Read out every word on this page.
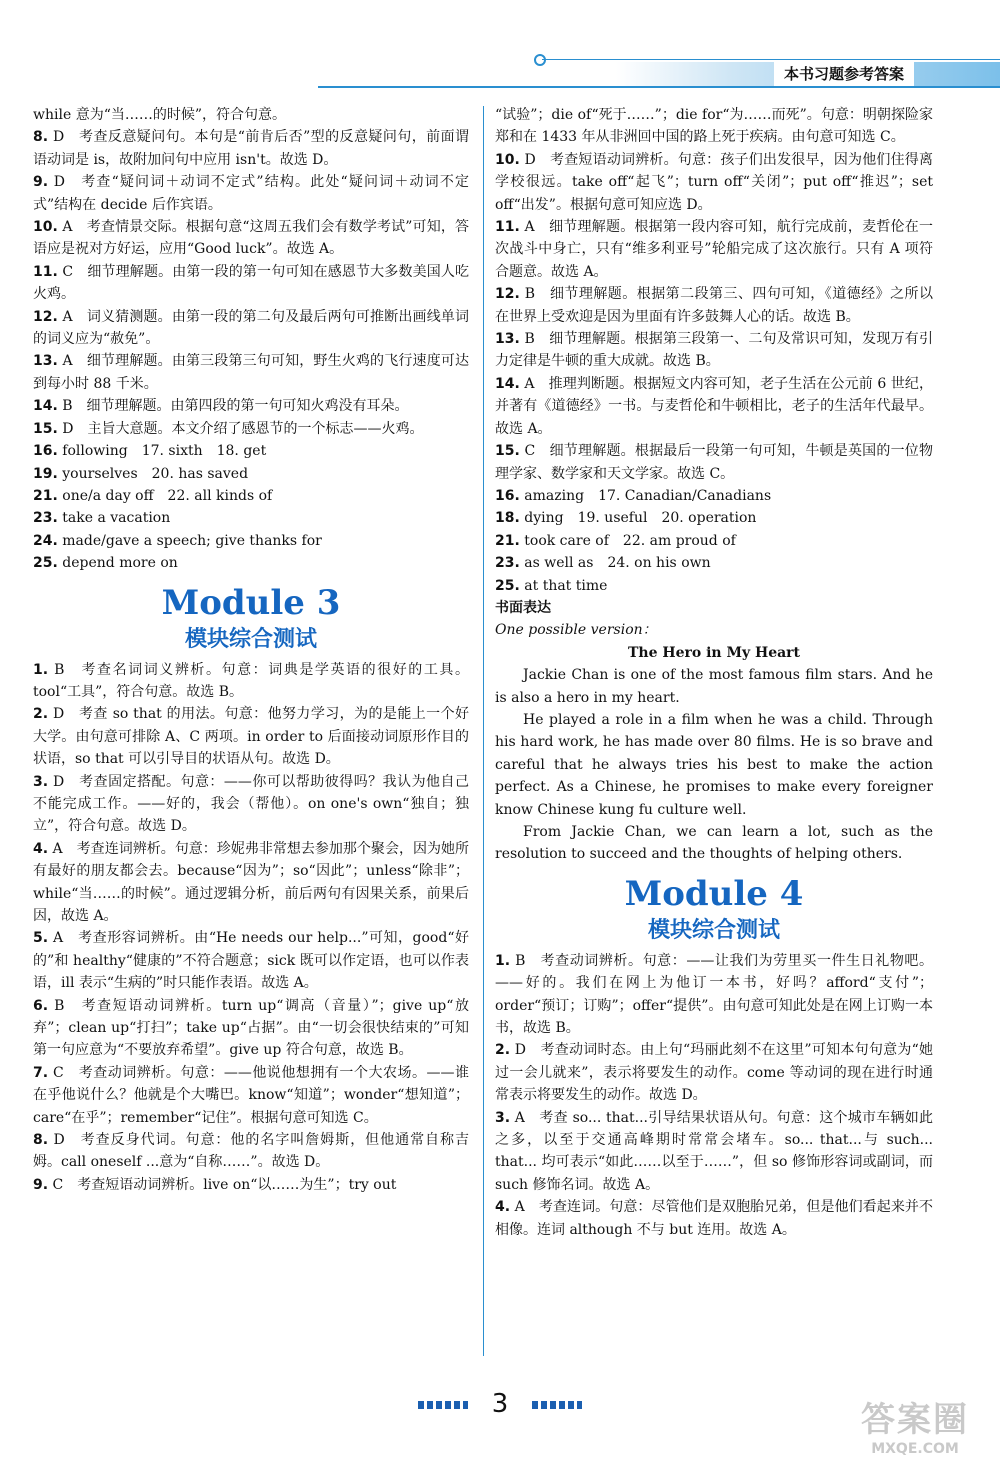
本书习题参考答案

while 意为“当……的时候”，符合句意。

8. D　考查反意疑问句。本句是“前肯后否”型的反意疑问句，前面谓语动词是 is，故附加问句中应用 isn't。故选 D。

9. D　考查“疑问词＋动词不定式”结构。此处“疑问词＋动词不定式”结构在 decide 后作宾语。

10. A　考查情景交际。根据句意“这周五我们会有数学考试”可知，答语应是祝对方好运，应用“Good luck”。故选 A。

11. C　细节理解题。由第一段的第一句可知在感恩节大多数美国人吃火鸡。

12. A　词义猜测题。由第一段的第二句及最后两句可推断出画线单词的词义应为“赦免”。

13. A　细节理解题。由第三段第三句可知，野生火鸡的飞行速度可达到每小时 88 千米。

14. B　细节理解题。由第四段的第一句可知火鸡没有耳朵。

15. D　主旨大意题。本文介绍了感恩节的一个标志——火鸡。

16. following　17. sixth　18. get

19. yourselves　20. has saved

21. one/a day off　22. all kinds of

23. take a vacation

24. made/gave a speech; give thanks for

25. depend more on

Module 3
模块综合测试

1. B　考查名词词义辨析。句意：词典是学英语的很好的工具。tool“工具”，符合句意。故选 B。

2. D　考查 so that 的用法。句意：他努力学习，为的是能上一个好大学。由句意可排除 A、C 两项。in order to 后面接动词原形作目的状语，so that 可以引导目的状语从句。故选 D。

3. D　考查固定搭配。句意：——你可以帮助彼得吗？我认为他自己不能完成工作。——好的，我会（帮他）。on one's own“独自；独立”，符合句意。故选 D。

4. A　考查连词辨析。句意：珍妮弗非常想去参加那个聚会，因为她所有最好的朋友都会去。because“因为”；so“因此”；unless“除非”；while“当……的时候”。通过逻辑分析，前后两句有因果关系，前果后因，故选 A。

5. A　考查形容词辨析。由“He needs our help...”可知，good“好的”和 healthy“健康的”不符合题意；sick 既可以作定语，也可以作表语，ill 表示“生病的”时只能作表语。故选 A。

6. B　考查短语动词辨析。turn up“调高（音量）”；give up“放弃”；clean up“打扫”；take up“占据”。由“一切会很快结束的”可知第一句应意为“不要放弃希望”。give up 符合句意，故选 B。

7. C　考查动词辨析。句意：——他说他想拥有一个大农场。——谁在乎他说什么？他就是个大嘴巴。know“知道”；wonder“想知道”；care“在乎”；remember“记住”。根据句意可知选 C。

8. D　考查反身代词。句意：他的名字叫詹姆斯，但他通常自称吉姆。call oneself ...意为“自称……”。故选 D。

9. C　考查短语动词辨析。live on“以……为生”；try out

“试验”；die of“死于……”；die for“为……而死”。句意：明朝探险家郑和在 1433 年从非洲回中国的路上死于疾病。由句意可知选 C。

10. D　考查短语动词辨析。句意：孩子们出发很早，因为他们住得离学校很远。take off“起飞”；turn off“关闭”；put off“推迟”；set off“出发”。根据句意可知应选 D。

11. A　细节理解题。根据第一段内容可知，航行完成前，麦哲伦在一次战斗中身亡，只有“维多利亚号”轮船完成了这次旅行。只有 A 项符合题意。故选 A。

12. B　细节理解题。根据第二段第三、四句可知，《道德经》之所以在世界上受欢迎是因为里面有许多鼓舞人心的话。故选 B。

13. B　细节理解题。根据第三段第一、二句及常识可知，发现万有引力定律是牛顿的重大成就。故选 B。

14. A　推理判断题。根据短文内容可知，老子生活在公元前 6 世纪，并著有《道德经》一书。与麦哲伦和牛顿相比，老子的生活年代最早。故选 A。

15. C　细节理解题。根据最后一段第一句可知，牛顿是英国的一位物理学家、数学家和天文学家。故选 C。

16. amazing　17. Canadian/Canadians

18. dying　19. useful　20. operation

21. took care of　22. am proud of

23. as well as　24. on his own

25. at that time

书面表达

One possible version：

The Hero in My Heart

Jackie Chan is one of the most famous film stars. And he is also a hero in my heart.

He played a role in a film when he was a child. Through his hard work, he has made over 80 films. He is so brave and careful that he always tries his best to make the action perfect. As a Chinese, he promises to make every foreigner know Chinese kung fu culture well.

From Jackie Chan, we can learn a lot, such as the resolution to succeed and the thoughts of helping others.

Module 4
模块综合测试

1. B　考查动词辨析。句意：——让我们为劳里买一件生日礼物吧。——好的。我们在网上为他订一本书，好吗？afford“支付”；order“预订；订购”；offer“提供”。由句意可知此处是在网上订购一本书，故选 B。

2. D　考查动词时态。由上句“玛丽此刻不在这里”可知本句句意为“她过一会儿就来”，表示将要发生的动作。come 等动词的现在进行时通常表示将要发生的动作。故选 D。

3. A　考查 so... that...引导结果状语从句。句意：这个城市车辆如此之多，以至于交通高峰期时常常会堵车。so... that...与 such... that... 均可表示“如此……以至于……”，但 so 修饰形容词或副词，而 such 修饰名词。故选 A。

4. A　考查连词。句意：尽管他们是双胞胎兄弟，但是他们看起来并不相像。连词 although 不与 but 连用。故选 A。

3	答案圈
MXQE.COM
